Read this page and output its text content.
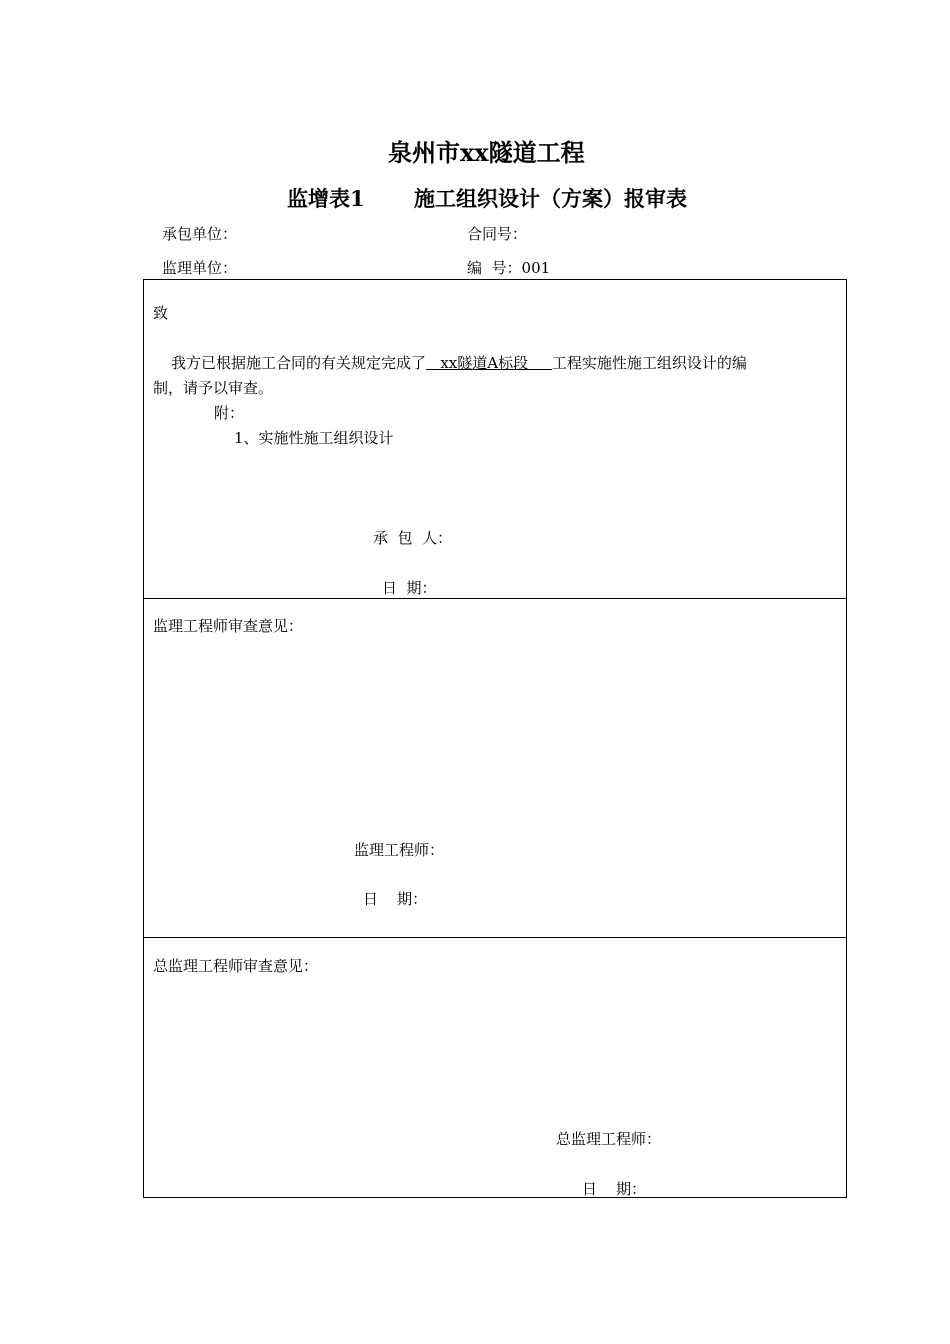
泉州市xx隧道工程
监增表1 施工组织设计（方案）报审表
承包单位：	合同号：
监理单位：	编  号：001
致
我方已根据施工合同的有关规定完成了   xx隧道A标段     工程实施性施工组织设计的编
制，请予以审查。
附：
1、实施性施工组织设计
承  包  人：
日  期：
监理工程师审查意见：
监理工程师：
日    期：
总监理工程师审查意见：
总监理工程师：
日    期：
